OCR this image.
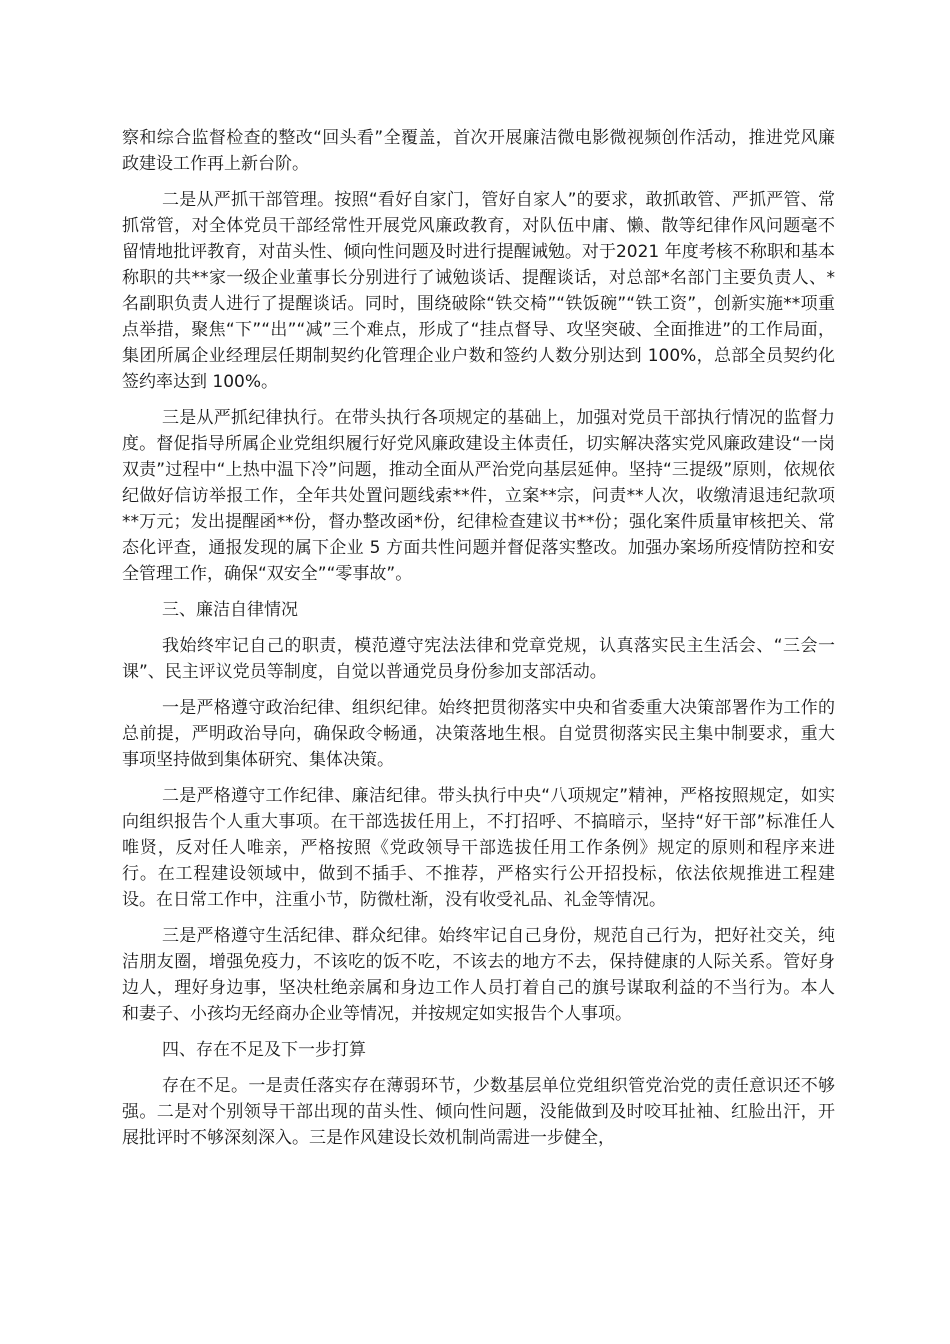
察和综合监督检查的整改“回头看”全覆盖，首次开展廉洁微电影微视频创作活动，推进党风廉政建设工作再上新台阶。

二是从严抓干部管理。按照“看好自家门，管好自家人”的要求，敢抓敢管、严抓严管、常抓常管，对全体党员干部经常性开展党风廉政教育，对队伍中庸、懒、散等纪律作风问题毫不留情地批评教育，对苗头性、倾向性问题及时进行提醒诫勉。对于2021 年度考核不称职和基本称职的共**家一级企业董事长分别进行了诫勉谈话、提醒谈话，对总部*名部门主要负责人、*名副职负责人进行了提醒谈话。同时，围绕破除“铁交椅”“铁饭碗”“铁工资”，创新实施**项重点举措，聚焦“下”“出”“减”三个难点，形成了“挂点督导、攻坚突破、全面推进”的工作局面，集团所属企业经理层任期制契约化管理企业户数和签约人数分别达到 100%，总部全员契约化签约率达到 100%。

三是从严抓纪律执行。在带头执行各项规定的基础上，加强对党员干部执行情况的监督力度。督促指导所属企业党组织履行好党风廉政建设主体责任，切实解决落实党风廉政建设“一岗双责”过程中“上热中温下冷”问题，推动全面从严治党向基层延伸。坚持“三提级”原则，依规依纪做好信访举报工作，全年共处置问题线索**件，立案**宗，问责**人次，收缴清退违纪款项**万元；发出提醒函**份，督办整改函*份，纪律检查建议书**份；强化案件质量审核把关、常态化评查，通报发现的属下企业 5 方面共性问题并督促落实整改。加强办案场所疫情防控和安全管理工作，确保“双安全”“零事故”。

三、廉洁自律情况

我始终牢记自己的职责，模范遵守宪法法律和党章党规，认真落实民主生活会、“三会一课”、民主评议党员等制度，自觉以普通党员身份参加支部活动。

一是严格遵守政治纪律、组织纪律。始终把贯彻落实中央和省委重大决策部署作为工作的总前提，严明政治导向，确保政令畅通，决策落地生根。自觉贯彻落实民主集中制要求，重大事项坚持做到集体研究、集体决策。

二是严格遵守工作纪律、廉洁纪律。带头执行中央“八项规定”精神，严格按照规定，如实向组织报告个人重大事项。在干部选拔任用上，不打招呼、不搞暗示，坚持“好干部”标准任人唯贤，反对任人唯亲，严格按照《党政领导干部选拔任用工作条例》规定的原则和程序来进行。在工程建设领域中，做到不插手、不推荐，严格实行公开招投标，依法依规推进工程建设。在日常工作中，注重小节，防微杜渐，没有收受礼品、礼金等情况。

三是严格遵守生活纪律、群众纪律。始终牢记自己身份，规范自己行为，把好社交关，纯洁朋友圈，增强免疫力，不该吃的饭不吃，不该去的地方不去，保持健康的人际关系。管好身边人，理好身边事，坚决杜绝亲属和身边工作人员打着自己的旗号谋取利益的不当行为。本人和妻子、小孩均无经商办企业等情况，并按规定如实报告个人事项。

四、存在不足及下一步打算

存在不足。一是责任落实存在薄弱环节，少数基层单位党组织管党治党的责任意识还不够强。二是对个别领导干部出现的苗头性、倾向性问题，没能做到及时咬耳扯袖、红脸出汗，开展批评时不够深刻深入。三是作风建设长效机制尚需进一步健全，
